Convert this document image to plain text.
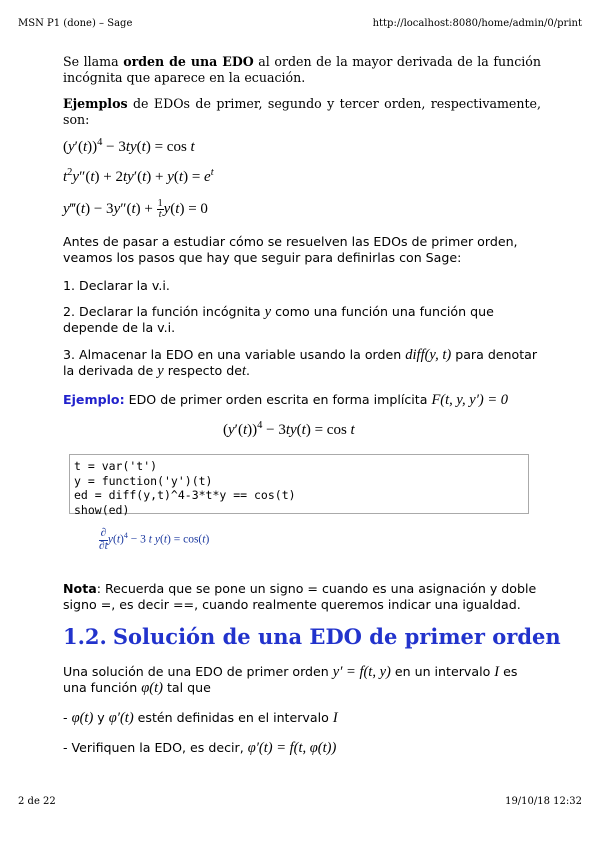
MSN P1 (done) – Sage	http://localhost:8080/home/admin/0/print

Se llama orden de una EDO al orden de la mayor derivada de la función incógnita que aparece en la ecuación.

Ejemplos de EDOs de primer, segundo y tercer orden, respectivamente, son:

$(y'(t))^4 - 3ty(t) = \cos t$
$t^2y''(t) + 2ty'(t) + y(t) = e^t$
y‴(t) − $3y''(t) + \frac{1}{t} y(t) = 0$

Antes de pasar a estudiar cómo se resuelven las EDOs de primer orden, veamos los pasos que hay que seguir para definirlas con Sage:

1. Declarar la v.i.

2. Declarar la función incógnita y como una función una función que depende de la v.i.

3. Almacenar la EDO en una variable usando la orden diff(y, t) para denotar la derivada de y respecto det.

Ejemplo: EDO de primer orden escrita en forma implícita F(t, y, y′) = 0

$(y'(t))^4 - 3ty(t) = \cos t$
t = var('t')
y = function('y')(t)
ed = diff(y,t)^4-3*t*y == cos(t)
show(ed)
$\frac{\partial}{\partial t} y(t)^4 - 3$ t y(t) = cos(t)

Nota: Recuerda que se pone un signo = cuando es una asignación y doble signo =, es decir ==, cuando realmente queremos indicar una igualdad.

1.2. Solución de una EDO de primer orden

Una solución de una EDO de primer orden y′ = f(t, y) en un intervalo I es una función φ(t) tal que

- φ(t) y φ′(t) estén definidas en el intervalo I

- Verifiquen la EDO, es decir, φ′(t) = f(t, φ(t))

2 de 22	19/10/18 12:32
